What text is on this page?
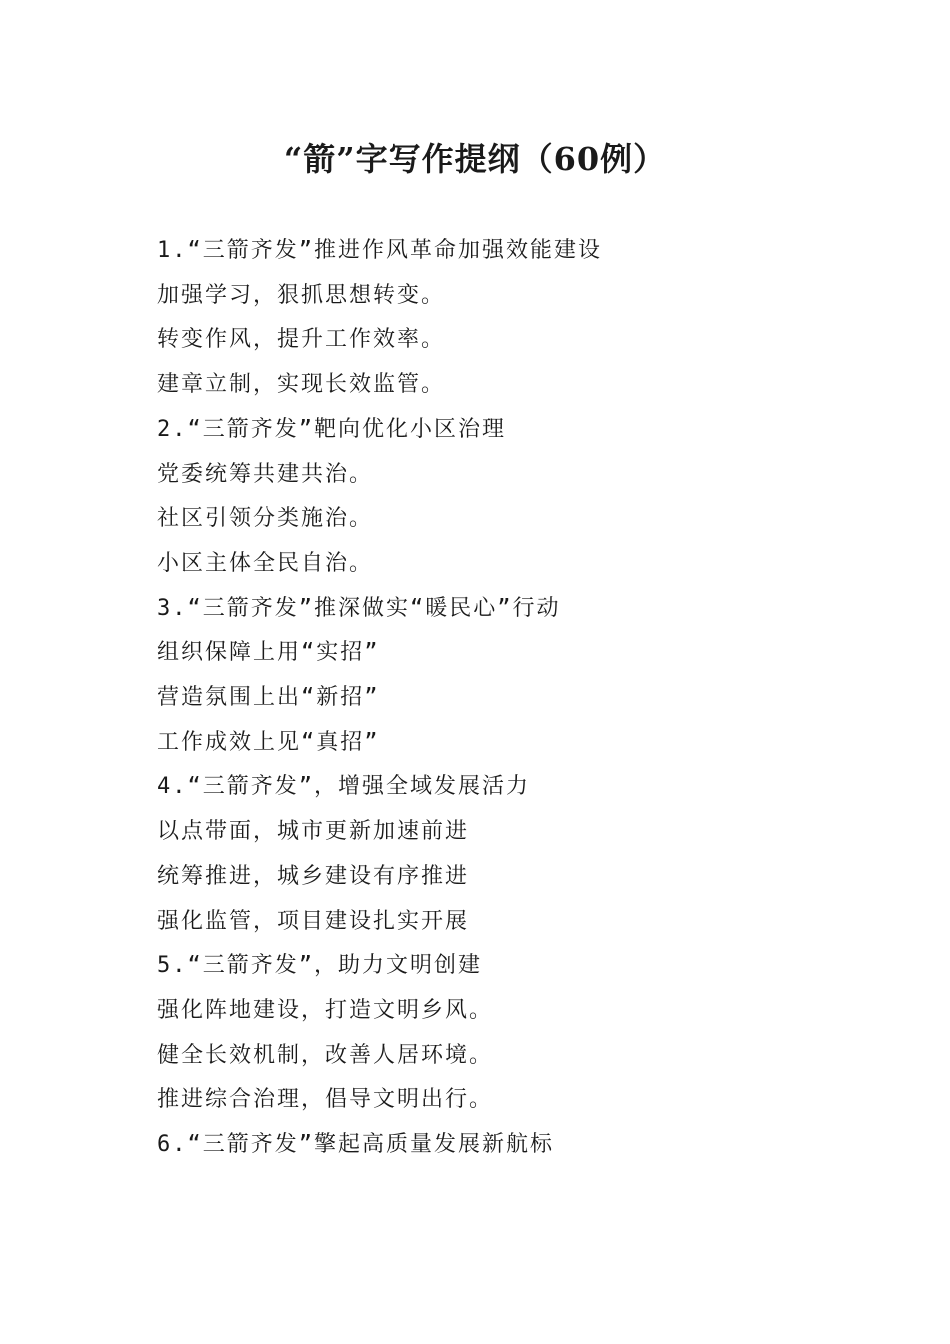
“箭”字写作提纲（60例）
1.“三箭齐发”推进作风革命加强效能建设
加强学习，狠抓思想转变。
转变作风，提升工作效率。
建章立制，实现长效监管。
2.“三箭齐发”靶向优化小区治理
党委统筹共建共治。
社区引领分类施治。
小区主体全民自治。
3.“三箭齐发”推深做实“暖民心”行动
组织保障上用“实招”
营造氛围上出“新招”
工作成效上见“真招”
4.“三箭齐发”，增强全域发展活力
以点带面，城市更新加速前进
统筹推进，城乡建设有序推进
强化监管，项目建设扎实开展
5.“三箭齐发”，助力文明创建
强化阵地建设，打造文明乡风。
健全长效机制，改善人居环境。
推进综合治理，倡导文明出行。
6.“三箭齐发”擎起高质量发展新航标
